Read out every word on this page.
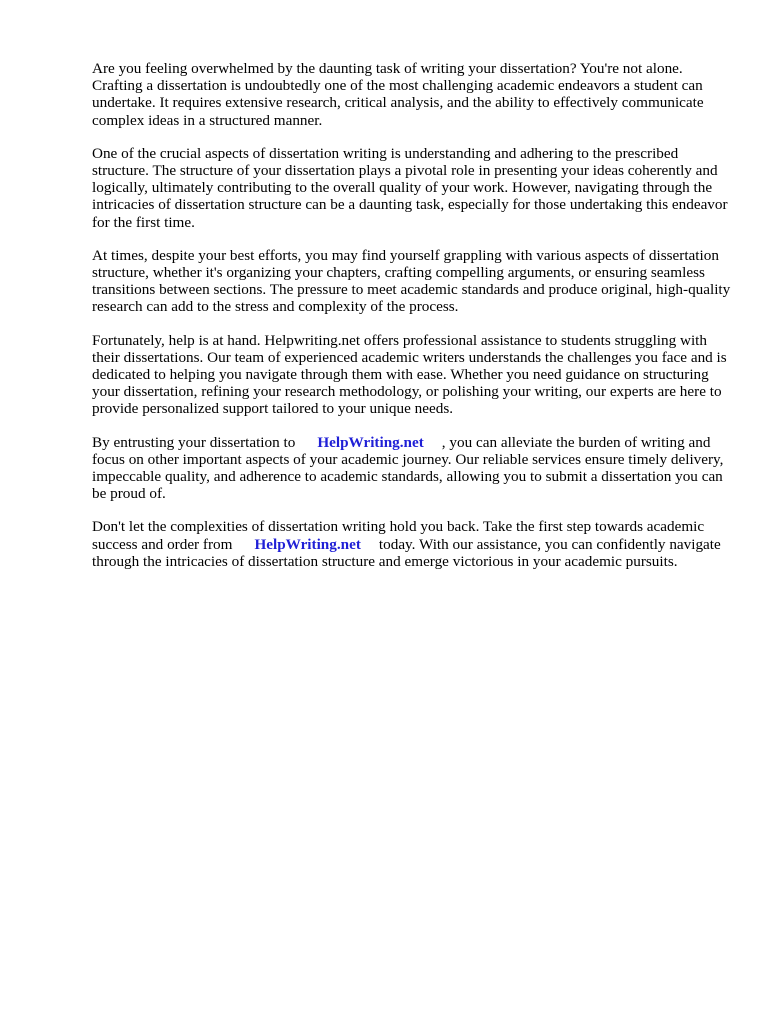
Are you feeling overwhelmed by the daunting task of writing your dissertation? You're not alone. Crafting a dissertation is undoubtedly one of the most challenging academic endeavors a student can undertake. It requires extensive research, critical analysis, and the ability to effectively communicate complex ideas in a structured manner.

One of the crucial aspects of dissertation writing is understanding and adhering to the prescribed structure. The structure of your dissertation plays a pivotal role in presenting your ideas coherently and logically, ultimately contributing to the overall quality of your work. However, navigating through the intricacies of dissertation structure can be a daunting task, especially for those undertaking this endeavor for the first time.

At times, despite your best efforts, you may find yourself grappling with various aspects of dissertation structure, whether it's organizing your chapters, crafting compelling arguments, or ensuring seamless transitions between sections. The pressure to meet academic standards and produce original, high-quality research can add to the stress and complexity of the process.

Fortunately, help is at hand. Helpwriting.net offers professional assistance to students struggling with their dissertations. Our team of experienced academic writers understands the challenges you face and is dedicated to helping you navigate through them with ease. Whether you need guidance on structuring your dissertation, refining your research methodology, or polishing your writing, our experts are here to provide personalized support tailored to your unique needs.

By entrusting your dissertation to HelpWriting.net , you can alleviate the burden of writing and focus on other important aspects of your academic journey. Our reliable services ensure timely delivery, impeccable quality, and adherence to academic standards, allowing you to submit a dissertation you can be proud of.

Don't let the complexities of dissertation writing hold you back. Take the first step towards academic success and order from HelpWriting.net today. With our assistance, you can confidently navigate through the intricacies of dissertation structure and emerge victorious in your academic pursuits.
